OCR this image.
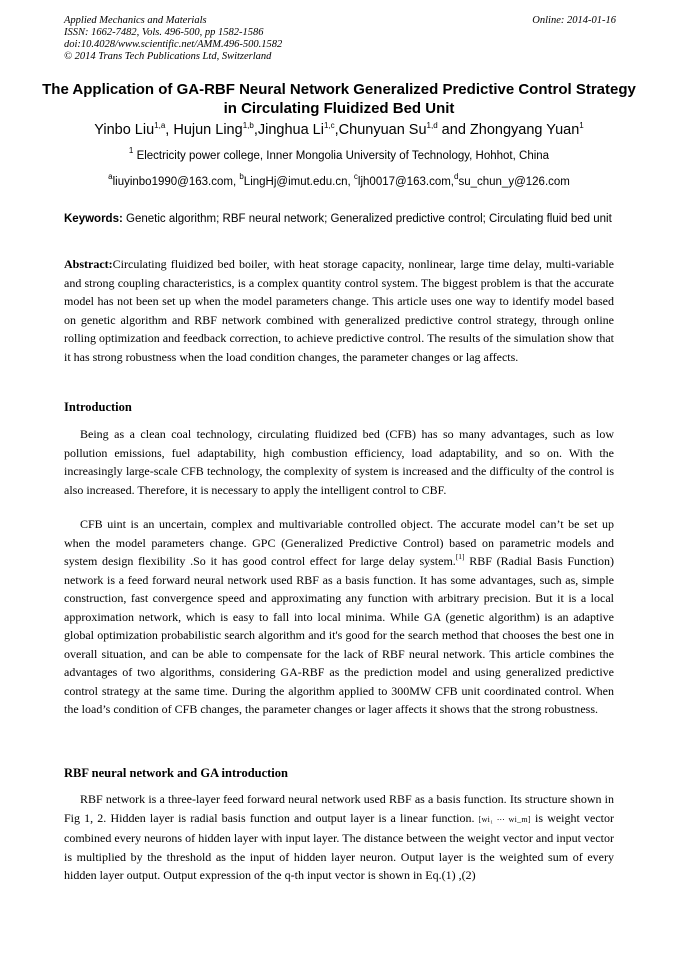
Applied Mechanics and Materials
ISSN: 1662-7482, Vols. 496-500, pp 1582-1586
doi:10.4028/www.scientific.net/AMM.496-500.1582
© 2014 Trans Tech Publications Ltd, Switzerland
Online: 2014-01-16
The Application of GA-RBF Neural Network Generalized Predictive Control Strategy in Circulating Fluidized Bed Unit
Yinbo Liu$^{1,a}$, Hujun Ling$^{1,b}$,Jinghua Li$^{1,c}$,Chunyuan Su$^{1,d}$ and Zhongyang Yuan$^1$
$^1$ Electricity power college, Inner Mongolia University of Technology, Hohhot, China
$^a$liuyinbo1990@163.com, $^b$LingHj@imut.edu.cn, $^c$ljh0017@163.com,$^d$su_chun_y@126.com
Keywords: Genetic algorithm; RBF neural network; Generalized predictive control; Circulating fluid bed unit
Abstract:Circulating fluidized bed boiler, with heat storage capacity, nonlinear, large time delay, multi-variable and strong coupling characteristics, is a complex quantity control system. The biggest problem is that the accurate model has not been set up when the model parameters change. This article uses one way to identify model based on genetic algorithm and RBF network combined with generalized predictive control strategy, through online rolling optimization and feedback correction, to achieve predictive control. The results of the simulation show that it has strong robustness when the load condition changes, the parameter changes or lag affects.
Introduction
Being as a clean coal technology, circulating fluidized bed (CFB) has so many advantages, such as low pollution emissions, fuel adaptability, high combustion efficiency, load adaptability, and so on. With the increasingly large-scale CFB technology, the complexity of system is increased and the difficulty of the control is also increased. Therefore, it is necessary to apply the intelligent control to CBF.
CFB uint is an uncertain, complex and multivariable controlled object. The accurate model can’t be set up when the model parameters change. GPC (Generalized Predictive Control) based on parametric models and system design flexibility .So it has good control effect for large delay system.[1] RBF (Radial Basis Function) network is a feed forward neural network used RBF as a basis function. It has some advantages, such as, simple construction, fast convergence speed and approximating any function with arbitrary precision. But it is a local approximation network, which is easy to fall into local minima. While GA (genetic algorithm) is an adaptive global optimization probabilistic search algorithm and it's good for the search method that chooses the best one in overall situation, and can be able to compensate for the lack of RBF neural network. This article combines the advantages of two algorithms, considering GA-RBF as the prediction model and using generalized predictive control strategy at the same time. During the algorithm applied to 300MW CFB unit coordinated control. When the load’s condition of CFB changes, the parameter changes or lager affects it shows that the strong robustness.
RBF neural network and GA introduction
RBF network is a three-layer feed forward neural network used RBF as a basis function. Its structure shown in Fig 1, 2. Hidden layer is radial basis function and output layer is a linear function. [wi₁ ⋯ wi_m] is weight vector combined every neurons of hidden layer with input layer. The distance between the weight vector and input vector is multiplied by the threshold as the input of hidden layer neuron. Output layer is the weighted sum of every hidden layer output. Output expression of the q-th input vector is shown in Eq.(1) ,(2)
